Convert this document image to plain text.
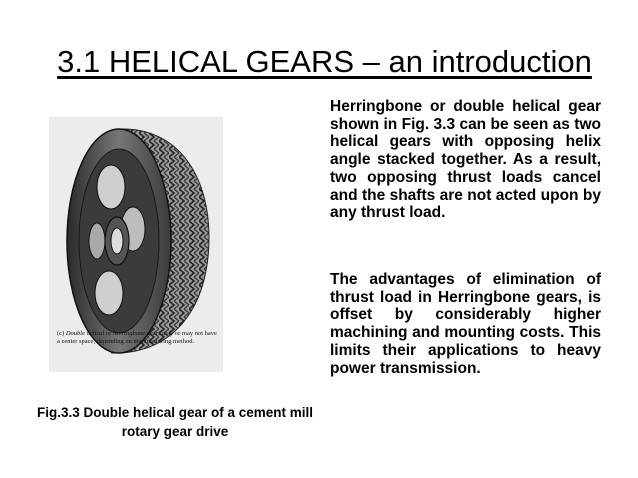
3.1 HELICAL GEARS – an introduction
(c) Double helical or herringbone gears may or may not have a center space, depending on manufacturing method.
Fig.3.3 Double helical gear of a cement mill rotary gear drive
Herringbone or double helical gear shown in Fig. 3.3 can be seen as two helical gears with opposing helix angle stacked together. As a result, two opposing thrust loads cancel and the shafts are not acted upon by any thrust load.
The advantages of elimination of thrust load in Herringbone gears, is offset by considerably higher machining and mounting costs. This limits their applications to heavy power transmission.
